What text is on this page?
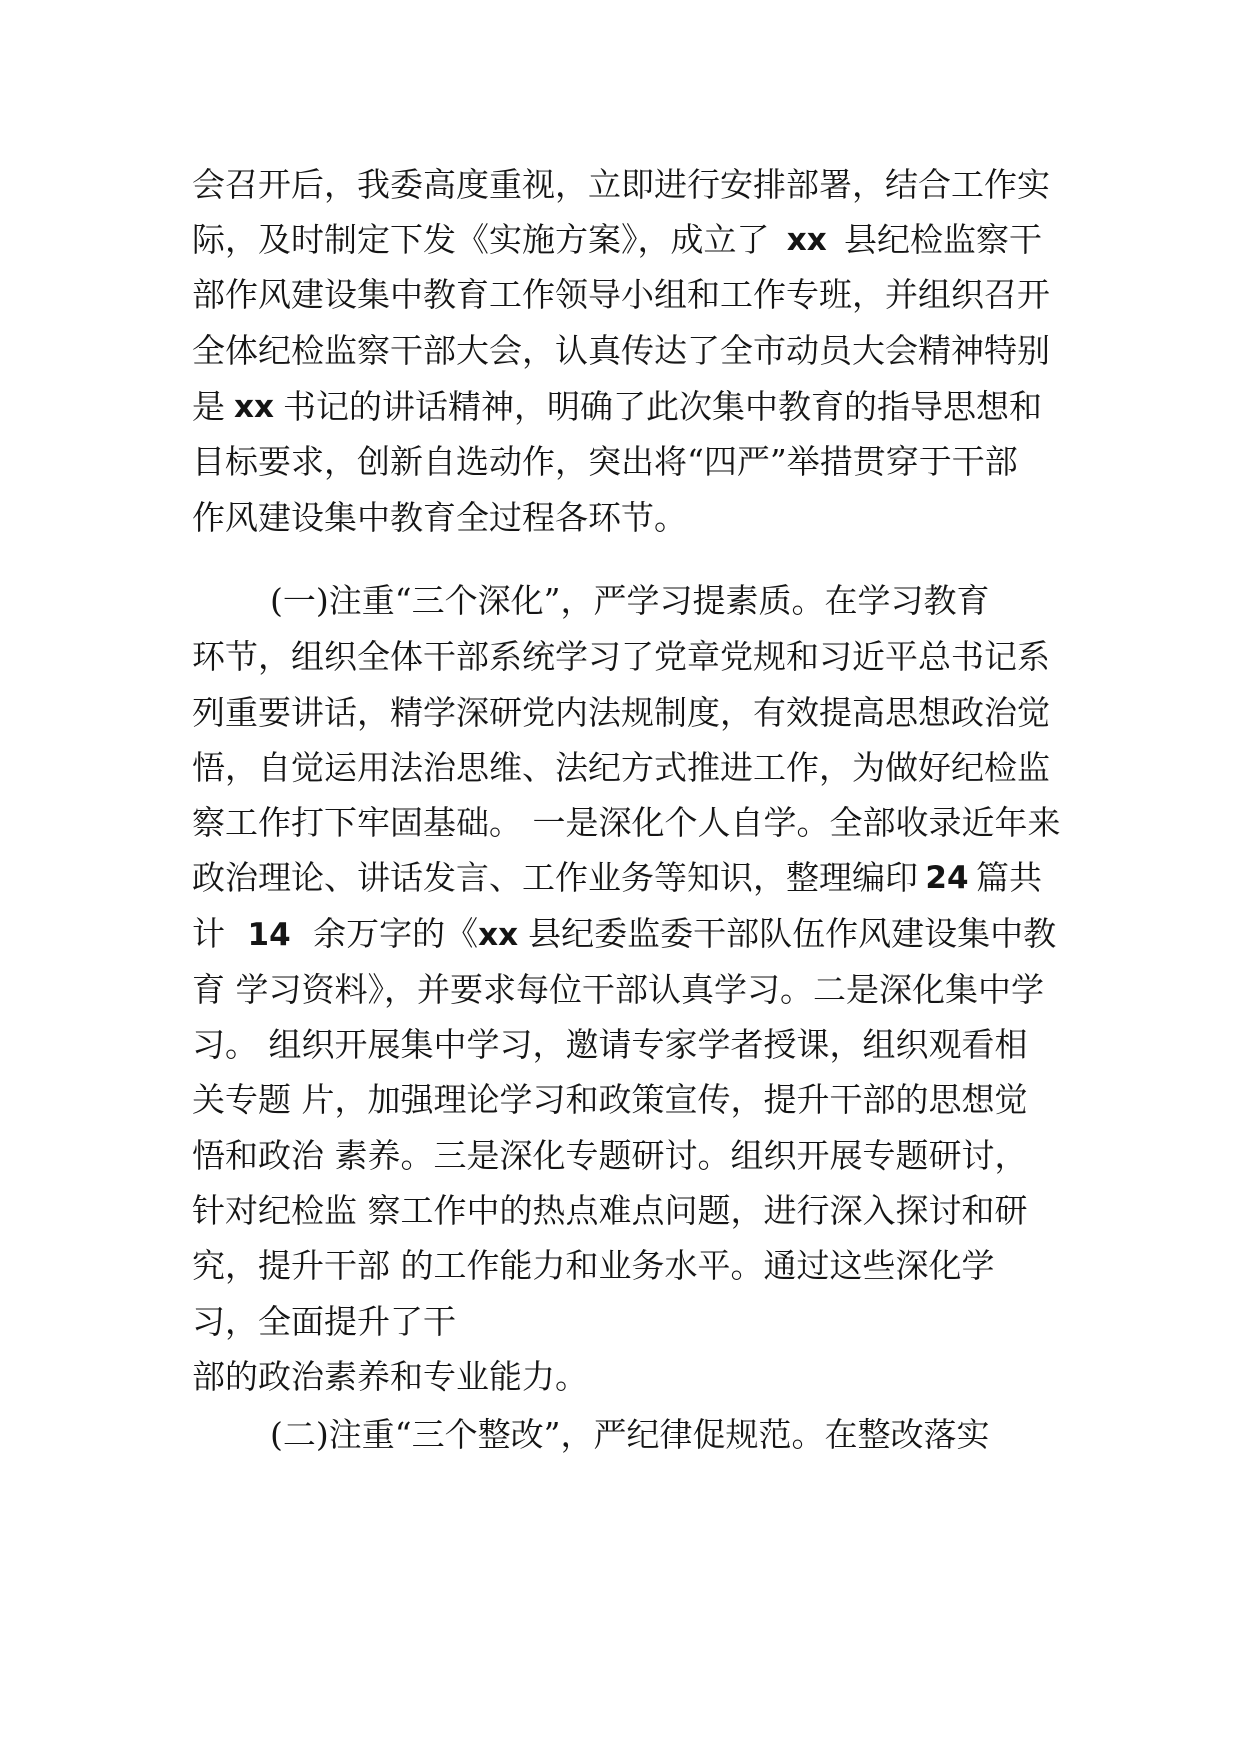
会召开后，我委高度重视，立即进行安排部署，结合工作实
际，及时制定下发《实施方案》，成立了 xx 县纪检监察干
部作风建设集中教育工作领导小组和工作专班，并组织召开
全体纪检监察干部大会，认真传达了全市动员大会精神特别
是 xx 书记的讲话精神，明确了此次集中教育的指导思想和
目标要求，创新自选动作，突出将“四严”举措贯穿于干部
作风建设集中教育全过程各环节。
(一)注重“三个深化”，严学习提素质。在学习教育
环节，组织全体干部系统学习了党章党规和习近平总书记系
列重要讲话，精学深研党内法规制度，有效提高思想政治觉
悟，自觉运用法治思维、法纪方式推进工作，为做好纪检监
察工作打下牢固基础。 一是深化个人自学。全部收录近年来
政治理论、讲话发言、工作业务等知识，整理编印 24 篇共
计 14 余万字的《xx 县纪委监委干部队伍作风建设集中教
育 学习资料》，并要求每位干部认真学习。二是深化集中学
习。 组织开展集中学习，邀请专家学者授课，组织观看相
关专题 片，加强理论学习和政策宣传，提升干部的思想觉
悟和政治 素养。三是深化专题研讨。组织开展专题研讨，
针对纪检监 察工作中的热点难点问题，进行深入探讨和研
究，提升干部 的工作能力和业务水平。通过这些深化学
习，全面提升了干
部的政治素养和专业能力。
(二)注重“三个整改”，严纪律促规范。在整改落实
